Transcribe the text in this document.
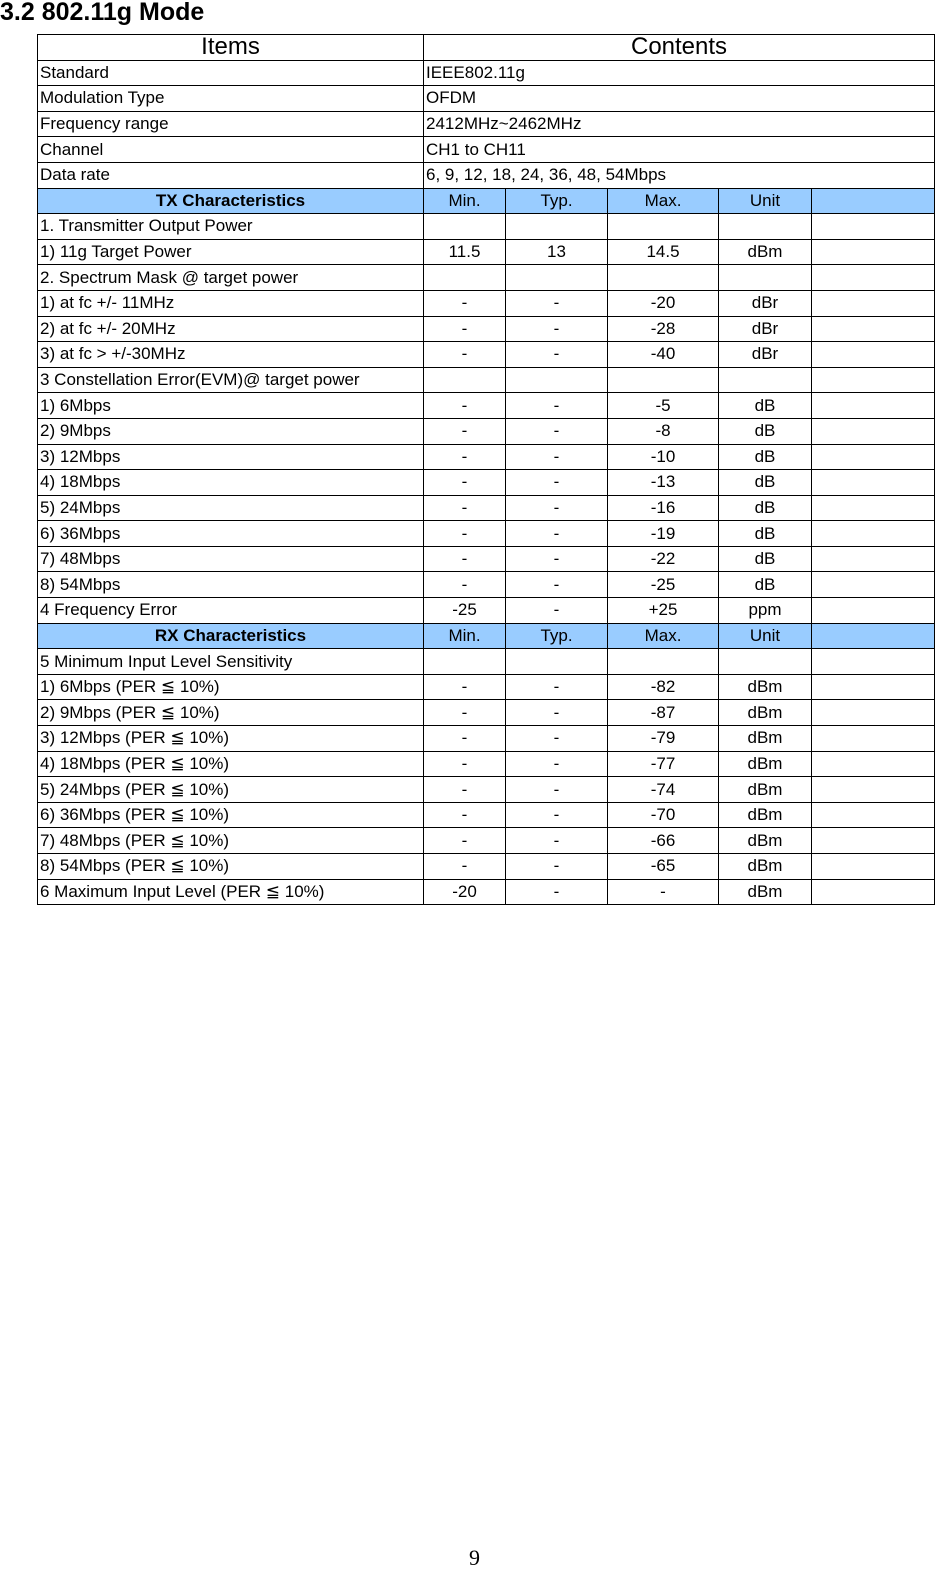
3.2 802.11g Mode
Items	Contents				
Standard	IEEE802.11g				
Modulation Type	OFDM				
Frequency range	2412MHz~2462MHz				
Channel	CH1 to CH11				
Data rate	6, 9, 12, 18, 24, 36, 48, 54Mbps				
TX Characteristics	Min.	Typ.	Max.	Unit	
1. Transmitter Output Power					
1) 11g Target Power	11.5	13	14.5	dBm	
2. Spectrum Mask @ target power					
1) at fc +/- 11MHz	-	-	-20	dBr	
2) at fc +/- 20MHz	-	-	-28	dBr	
3) at fc > +/-30MHz	-	-	-40	dBr	
3 Constellation Error(EVM)@ target power					
1) 6Mbps	-	-	-5	dB	
2) 9Mbps	-	-	-8	dB	
3) 12Mbps	-	-	-10	dB	
4) 18Mbps	-	-	-13	dB	
5) 24Mbps	-	-	-16	dB	
6) 36Mbps	-	-	-19	dB	
7) 48Mbps	-	-	-22	dB	
8) 54Mbps	-	-	-25	dB	
4 Frequency Error	-25	-	+25	ppm	
RX Characteristics	Min.	Typ.	Max.	Unit	
5 Minimum Input Level Sensitivity					
1) 6Mbps (PER ≦ 10%)	-	-	-82	dBm	
2) 9Mbps (PER ≦ 10%)	-	-	-87	dBm	
3) 12Mbps (PER ≦ 10%)	-	-	-79	dBm	
4) 18Mbps (PER ≦ 10%)	-	-	-77	dBm	
5) 24Mbps (PER ≦ 10%)	-	-	-74	dBm	
6) 36Mbps (PER ≦ 10%)	-	-	-70	dBm	
7) 48Mbps (PER ≦ 10%)	-	-	-66	dBm	
8) 54Mbps (PER ≦ 10%)	-	-	-65	dBm	
6 Maximum Input Level (PER ≦ 10%)	-20	-	-	dBm	
9
